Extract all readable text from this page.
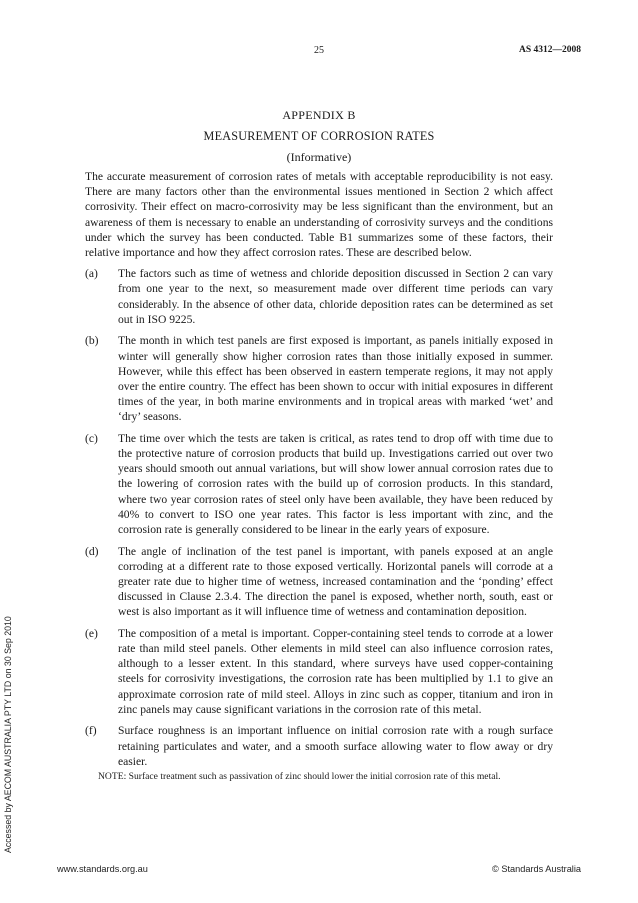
25	AS 4312—2008
APPENDIX B
MEASUREMENT OF CORROSION RATES
(Informative)

The accurate measurement of corrosion rates of metals with acceptable reproducibility is not easy. There are many factors other than the environmental issues mentioned in Section 2 which affect corrosivity. Their effect on macro-corrosivity may be less significant than the environment, but an awareness of them is necessary to enable an understanding of corrosivity surveys and the conditions under which the survey has been conducted. Table B1 summarizes some of these factors, their relative importance and how they affect corrosion rates. These are described below.

(a)	The factors such as time of wetness and chloride deposition discussed in Section 2 can vary from one year to the next, so measurement made over different time periods can vary considerably. In the absence of other data, chloride deposition rates can be determined as set out in ISO 9225.
(b)	The month in which test panels are first exposed is important, as panels initially exposed in winter will generally show higher corrosion rates than those initially exposed in summer. However, while this effect has been observed in eastern temperate regions, it may not apply over the entire country. The effect has been shown to occur with initial exposures in different times of the year, in both marine environments and in tropical areas with marked ‘wet’ and ‘dry’ seasons.
(c)	The time over which the tests are taken is critical, as rates tend to drop off with time due to the protective nature of corrosion products that build up. Investigations carried out over two years should smooth out annual variations, but will show lower annual corrosion rates due to the lowering of corrosion rates with the build up of corrosion products. In this standard, where two year corrosion rates of steel only have been available, they have been reduced by 40% to convert to ISO one year rates. This factor is less important with zinc, and the corrosion rate is generally considered to be linear in the early years of exposure.
(d)	The angle of inclination of the test panel is important, with panels exposed at an angle corroding at a different rate to those exposed vertically. Horizontal panels will corrode at a greater rate due to higher time of wetness, increased contamination and the ‘ponding’ effect discussed in Clause 2.3.4. The direction the panel is exposed, whether north, south, east or west is also important as it will influence time of wetness and contamination deposition.
(e)	The composition of a metal is important. Copper-containing steel tends to corrode at a lower rate than mild steel panels. Other elements in mild steel can also influence corrosion rates, although to a lesser extent. In this standard, where surveys have used copper-containing steels for corrosivity investigations, the corrosion rate has been multiplied by 1.1 to give an approximate corrosion rate of mild steel. Alloys in zinc such as copper, titanium and iron in zinc panels may cause significant variations in the corrosion rate of this metal.
(f)	Surface roughness is an important influence on initial corrosion rate with a rough surface retaining particulates and water, and a smooth surface allowing water to flow away or dry easier.
NOTE: Surface treatment such as passivation of zinc should lower the initial corrosion rate of this metal.
Accessed by AECOM AUSTRALIA PTY LTD on 30 Sep 2010
www.standards.org.au	© Standards Australia
